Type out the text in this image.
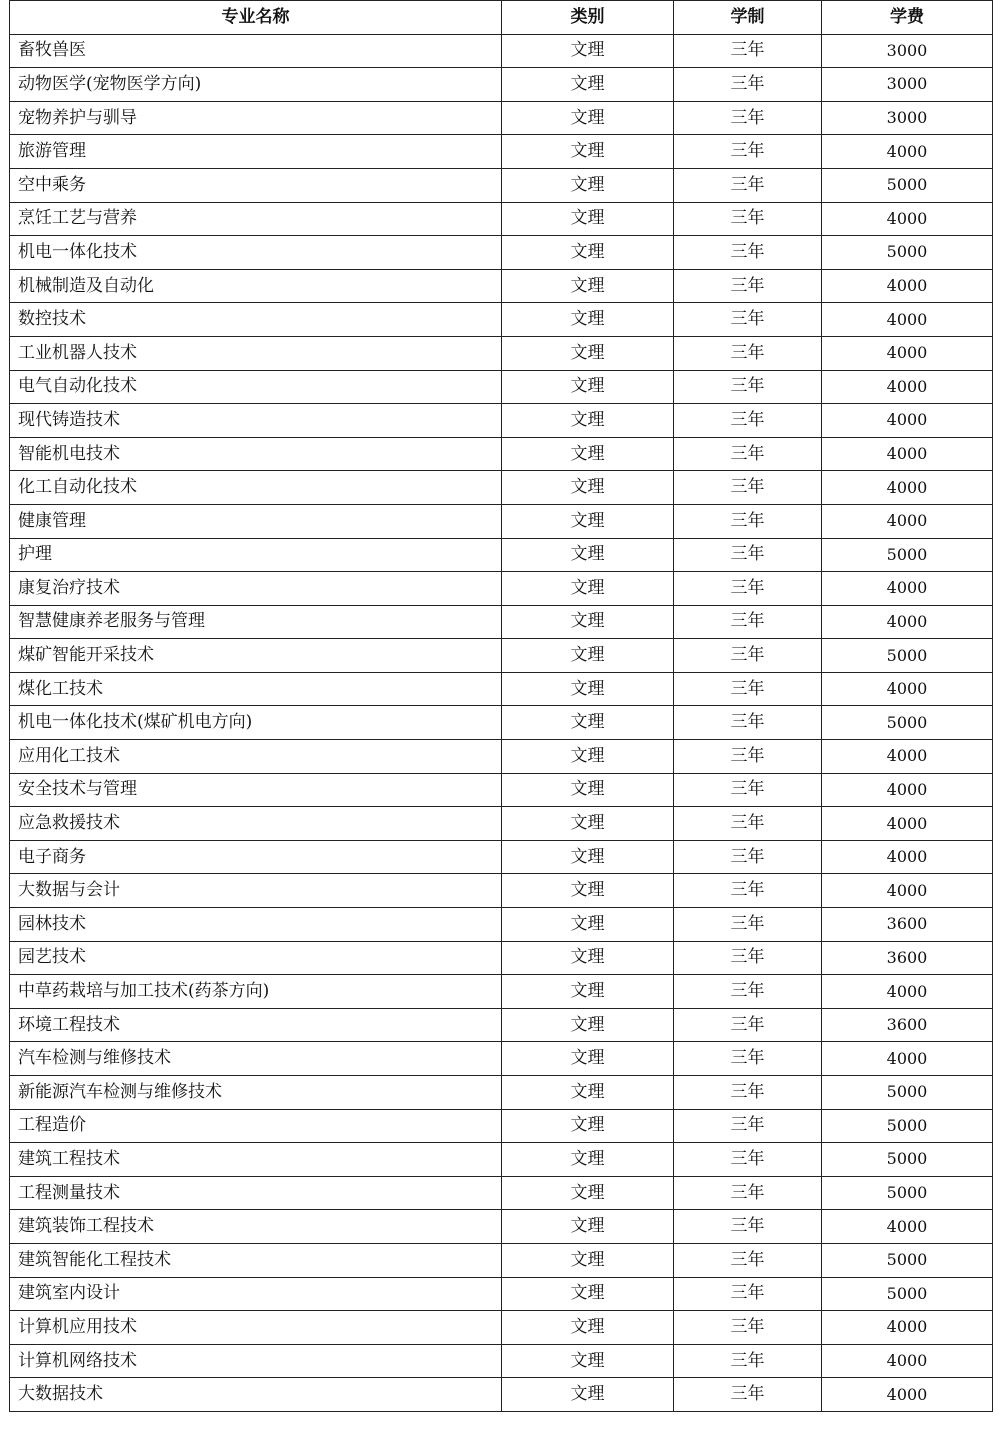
专业名称	类别	学制	学费
畜牧兽医	文理	三年	3000
动物医学(宠物医学方向)	文理	三年	3000
宠物养护与驯导	文理	三年	3000
旅游管理	文理	三年	4000
空中乘务	文理	三年	5000
烹饪工艺与营养	文理	三年	4000
机电一体化技术	文理	三年	5000
机械制造及自动化	文理	三年	4000
数控技术	文理	三年	4000
工业机器人技术	文理	三年	4000
电气自动化技术	文理	三年	4000
现代铸造技术	文理	三年	4000
智能机电技术	文理	三年	4000
化工自动化技术	文理	三年	4000
健康管理	文理	三年	4000
护理	文理	三年	5000
康复治疗技术	文理	三年	4000
智慧健康养老服务与管理	文理	三年	4000
煤矿智能开采技术	文理	三年	5000
煤化工技术	文理	三年	4000
机电一体化技术(煤矿机电方向)	文理	三年	5000
应用化工技术	文理	三年	4000
安全技术与管理	文理	三年	4000
应急救援技术	文理	三年	4000
电子商务	文理	三年	4000
大数据与会计	文理	三年	4000
园林技术	文理	三年	3600
园艺技术	文理	三年	3600
中草药栽培与加工技术(药茶方向)	文理	三年	4000
环境工程技术	文理	三年	3600
汽车检测与维修技术	文理	三年	4000
新能源汽车检测与维修技术	文理	三年	5000
工程造价	文理	三年	5000
建筑工程技术	文理	三年	5000
工程测量技术	文理	三年	5000
建筑装饰工程技术	文理	三年	4000
建筑智能化工程技术	文理	三年	5000
建筑室内设计	文理	三年	5000
计算机应用技术	文理	三年	4000
计算机网络技术	文理	三年	4000
大数据技术	文理	三年	4000
